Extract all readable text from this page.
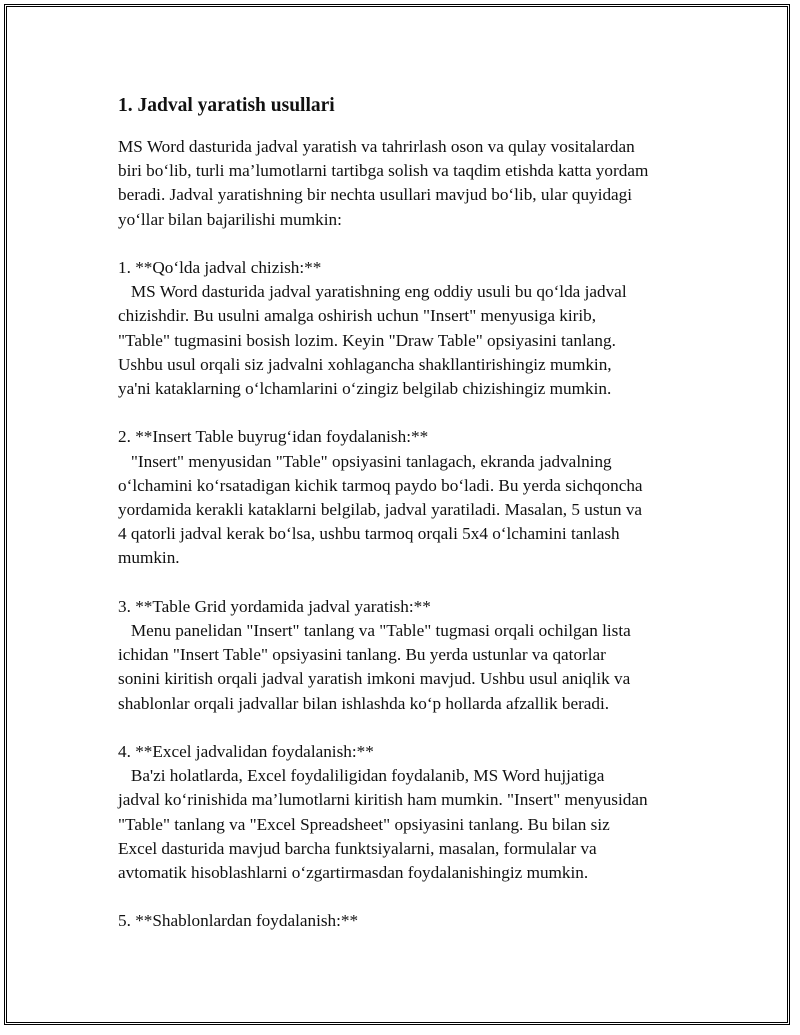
1. Jadval yaratish usullari
MS Word dasturida jadval yaratish va tahrirlash oson va qulay vositalardan
biri bo‘lib, turli ma’lumotlarni tartibga solish va taqdim etishda katta yordam
beradi. Jadval yaratishning bir nechta usullari mavjud bo‘lib, ular quyidagi
yo‘llar bilan bajarilishi mumkin:
1. **Qo‘lda jadval chizish:**
MS Word dasturida jadval yaratishning eng oddiy usuli bu qo‘lda jadval
chizishdir. Bu usulni amalga oshirish uchun "Insert" menyusiga kirib,
"Table" tugmasini bosish lozim. Keyin "Draw Table" opsiyasini tanlang.
Ushbu usul orqali siz jadvalni xohlagancha shakllantirishingiz mumkin,
ya'ni kataklarning o‘lchamlarini o‘zingiz belgilab chizishingiz mumkin.
2. **Insert Table buyrug‘idan foydalanish:**
"Insert" menyusidan "Table" opsiyasini tanlagach, ekranda jadvalning
o‘lchamini ko‘rsatadigan kichik tarmoq paydo bo‘ladi. Bu yerda sichqoncha
yordamida kerakli kataklarni belgilab, jadval yaratiladi. Masalan, 5 ustun va
4 qatorli jadval kerak bo‘lsa, ushbu tarmoq orqali 5x4 o‘lchamini tanlash
mumkin.
3. **Table Grid yordamida jadval yaratish:**
Menu panelidan "Insert" tanlang va "Table" tugmasi orqali ochilgan lista
ichidan "Insert Table" opsiyasini tanlang. Bu yerda ustunlar va qatorlar
sonini kiritish orqali jadval yaratish imkoni mavjud. Ushbu usul aniqlik va
shablonlar orqali jadvallar bilan ishlashda ko‘p hollarda afzallik beradi.
4. **Excel jadvalidan foydalanish:**
Ba'zi holatlarda, Excel foydaliligidan foydalanib, MS Word hujjatiga
jadval ko‘rinishida ma’lumotlarni kiritish ham mumkin. "Insert" menyusidan
"Table" tanlang va "Excel Spreadsheet" opsiyasini tanlang. Bu bilan siz
Excel dasturida mavjud barcha funktsiyalarni, masalan, formulalar va
avtomatik hisoblashlarni o‘zgartirmasdan foydalanishingiz mumkin.
5. **Shablonlardan foydalanish:**
